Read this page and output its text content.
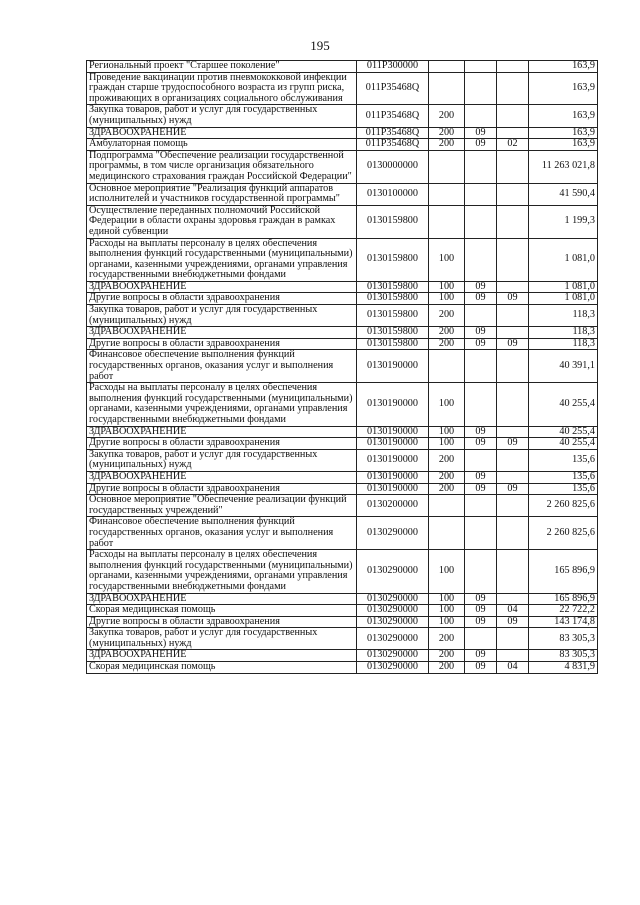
195
Региональный проект "Старшее поколение"	011P300000				163,9
Проведение вакцинации против пневмококковой инфекции граждан старше трудоспособного возраста из групп риска, проживающих в организациях социального обслуживания	011P35468Q				163,9
Закупка товаров, работ и услуг для государственных (муниципальных) нужд	011P35468Q	200			163,9
ЗДРАВООХРАНЕНИЕ	011P35468Q	200	09		163,9
Амбулаторная помощь	011P35468Q	200	09	02	163,9
Подпрограмма "Обеспечение реализации государственной программы, в том числе организация обязательного медицинского страхования граждан Российской Федерации"	0130000000				11 263 021,8
Основное мероприятие "Реализация функций аппаратов исполнителей и участников государственной программы"	0130100000				41 590,4
Осуществление переданных полномочий Российской Федерации в области охраны здоровья граждан в рамках единой субвенции	0130159800				1 199,3
Расходы на выплаты персоналу в целях обеспечения выполнения функций государственными (муниципальными) органами, казенными учреждениями, органами управления государственными внебюджетными фондами	0130159800	100			1 081,0
ЗДРАВООХРАНЕНИЕ	0130159800	100	09		1 081,0
Другие вопросы в области здравоохранения	0130159800	100	09	09	1 081,0
Закупка товаров, работ и услуг для государственных (муниципальных) нужд	0130159800	200			118,3
ЗДРАВООХРАНЕНИЕ	0130159800	200	09		118,3
Другие вопросы в области здравоохранения	0130159800	200	09	09	118,3
Финансовое обеспечение выполнения функций государственных органов, оказания услуг и выполнения работ	0130190000				40 391,1
Расходы на выплаты персоналу в целях обеспечения выполнения функций государственными (муниципальными) органами, казенными учреждениями, органами управления государственными внебюджетными фондами	0130190000	100			40 255,4
ЗДРАВООХРАНЕНИЕ	0130190000	100	09		40 255,4
Другие вопросы в области здравоохранения	0130190000	100	09	09	40 255,4
Закупка товаров, работ и услуг для государственных (муниципальных) нужд	0130190000	200			135,6
ЗДРАВООХРАНЕНИЕ	0130190000	200	09		135,6
Другие вопросы в области здравоохранения	0130190000	200	09	09	135,6
Основное мероприятие "Обеспечение реализации функций государственных учреждений"	0130200000				2 260 825,6
Финансовое обеспечение выполнения функций государственных органов, оказания услуг и выполнения работ	0130290000				2 260 825,6
Расходы на выплаты персоналу в целях обеспечения выполнения функций государственными (муниципальными) органами, казенными учреждениями, органами управления государственными внебюджетными фондами	0130290000	100			165 896,9
ЗДРАВООХРАНЕНИЕ	0130290000	100	09		165 896,9
Скорая медицинская помощь	0130290000	100	09	04	22 722,2
Другие вопросы в области здравоохранения	0130290000	100	09	09	143 174,8
Закупка товаров, работ и услуг для государственных (муниципальных) нужд	0130290000	200			83 305,3
ЗДРАВООХРАНЕНИЕ	0130290000	200	09		83 305,3
Скорая медицинская помощь	0130290000	200	09	04	4 831,9
